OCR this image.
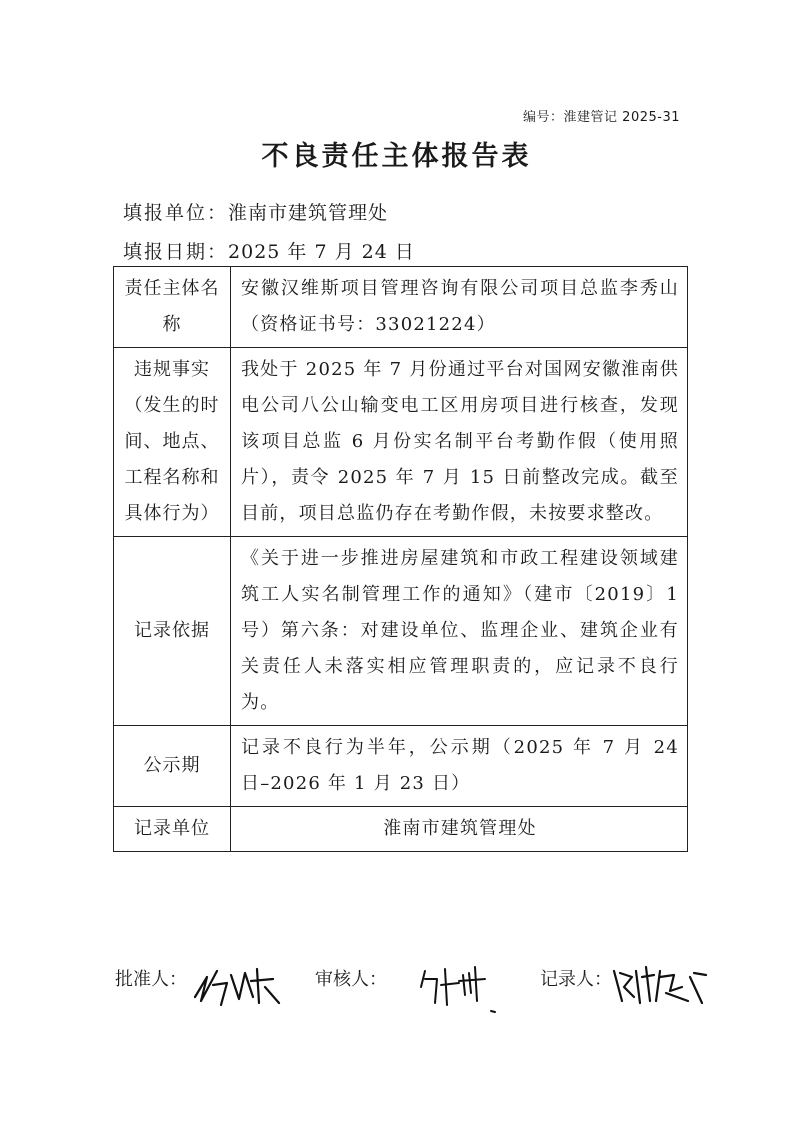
编号：淮建管记 2025-31
不良责任主体报告表
填报单位：淮南市建筑管理处
填报日期：2025 年 7 月 24 日
责任主体名称	安徽汉维斯项目管理咨询有限公司项目总监李秀山（资格证书号：33021224）
违规事实（发生的时间、地点、工程名称和具体行为）	我处于 2025 年 7 月份通过平台对国网安徽淮南供电公司八公山输变电工区用房项目进行核查，发现该项目总监 6 月份实名制平台考勤作假（使用照片），责令 2025 年 7 月 15 日前整改完成。截至目前，项目总监仍存在考勤作假，未按要求整改。
记录依据	《关于进一步推进房屋建筑和市政工程建设领域建筑工人实名制管理工作的通知》（建市〔2019〕1 号）第六条：对建设单位、监理企业、建筑企业有关责任人未落实相应管理职责的，应记录不良行为。
公示期	记录不良行为半年，公示期（2025 年 7 月 24 日–2026 年 1 月 23 日）
记录单位	淮南市建筑管理处
批准人：	审核人：	记录人：
